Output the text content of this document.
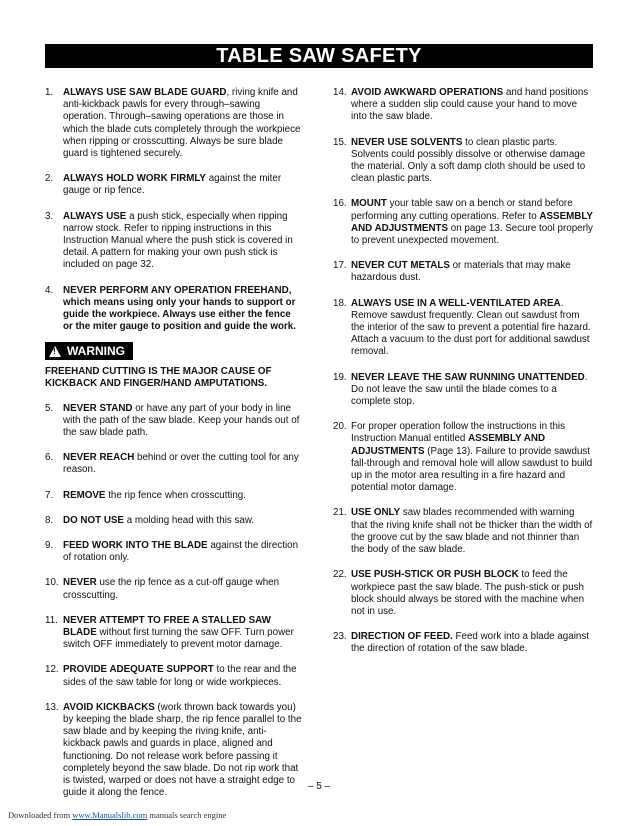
TABLE SAW SAFETY
1.	ALWAYS USE SAW BLADE GUARD, riving knife and anti-kickback pawls for every through–sawing operation. Through–sawing operations are those in which the blade cuts completely through the workpiece when ripping or crosscutting. Always be sure blade guard is tightened securely.
2.	ALWAYS HOLD WORK FIRMLY against the miter gauge or rip fence.
3.	ALWAYS USE a push stick, especially when ripping narrow stock. Refer to ripping instructions in this Instruction Manual where the push stick is covered in detail. A pattern for making your own push stick is included on page 32.
4.	NEVER PERFORM ANY OPERATION FREEHAND, which means using only your hands to support or guide the workpiece. Always use either the fence or the miter gauge to position and guide the work.
! WARNING
FREEHAND CUTTING IS THE MAJOR CAUSE OF KICKBACK AND FINGER/HAND AMPUTATIONS.
5.	NEVER STAND or have any part of your body in line with the path of the saw blade. Keep your hands out of the saw blade path.
6.	NEVER REACH behind or over the cutting tool for any reason.
7.	REMOVE the rip fence when crosscutting.
8.	DO NOT USE a molding head with this saw.
9.	FEED WORK INTO THE BLADE against the direction of rotation only.
10. NEVER use the rip fence as a cut-off gauge when crosscutting.
11. NEVER ATTEMPT TO FREE A STALLED SAW BLADE without first turning the saw OFF. Turn power switch OFF immediately to prevent motor damage.
12. PROVIDE ADEQUATE SUPPORT to the rear and the sides of the saw table for long or wide workpieces.
13. AVOID KICKBACKS (work thrown back towards you) by keeping the blade sharp, the rip fence parallel to the saw blade and by keeping the riving knife, anti-kickback pawls and guards in place, aligned and functioning. Do not release work before passing it completely beyond the saw blade. Do not rip work that is twisted, warped or does not have a straight edge to guide it along the fence.
14. AVOID AWKWARD OPERATIONS and hand positions where a sudden slip could cause your hand to move into the saw blade.
15. NEVER USE SOLVENTS to clean plastic parts. Solvents could possibly dissolve or otherwise damage the material. Only a soft damp cloth should be used to clean plastic parts.
16. MOUNT your table saw on a bench or stand before performing any cutting operations. Refer to ASSEMBLY AND ADJUSTMENTS on page 13. Secure tool properly to prevent unexpected movement.
17. NEVER CUT METALS or materials that may make hazardous dust.
18. ALWAYS USE IN A WELL-VENTILATED AREA. Remove sawdust frequently. Clean out sawdust from the interior of the saw to prevent a potential fire hazard. Attach a vacuum to the dust port for additional sawdust removal.
19. NEVER LEAVE THE SAW RUNNING UNATTENDED. Do not leave the saw until the blade comes to a complete stop.
20. For proper operation follow the instructions in this Instruction Manual entitled ASSEMBLY AND ADJUSTMENTS (Page 13). Failure to provide sawdust fall-through and removal hole will allow sawdust to build up in the motor area resulting in a fire hazard and potential motor damage.
21. USE ONLY saw blades recommended with warning that the riving knife shall not be thicker than the width of the groove cut by the saw blade and not thinner than the body of the saw blade.
22. USE PUSH-STICK OR PUSH BLOCK to feed the workpiece past the saw blade. The push-stick or push block should always be stored with the machine when not in use.
23. DIRECTION OF FEED. Feed work into a blade against the direction of rotation of the saw blade.
– 5 –
Downloaded from www.Manualslib.com manuals search engine
